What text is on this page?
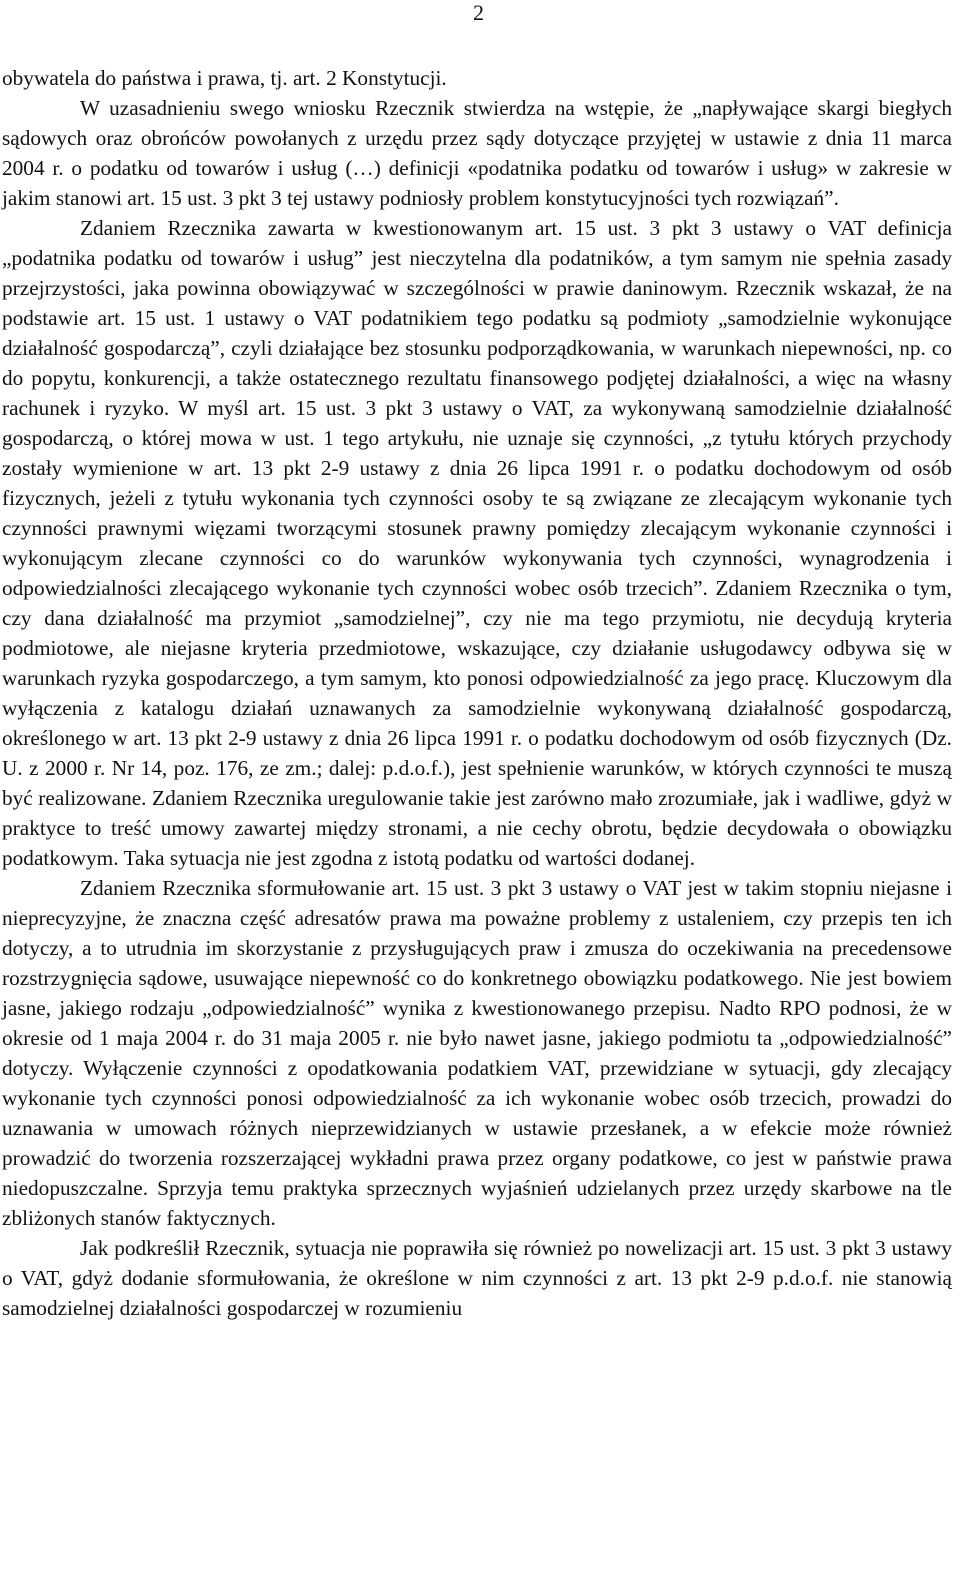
2

obywatela do państwa i prawa, tj. art. 2 Konstytucji.

W uzasadnieniu swego wniosku Rzecznik stwierdza na wstępie, że „napływające skargi biegłych sądowych oraz obrońców powołanych z urzędu przez sądy dotyczące przyjętej w ustawie z dnia 11 marca 2004 r. o podatku od towarów i usług (…) definicji «podatnika podatku od towarów i usług» w zakresie w jakim stanowi art. 15 ust. 3 pkt 3 tej ustawy podniosły problem konstytucyjności tych rozwiązań”.

Zdaniem Rzecznika zawarta w kwestionowanym art. 15 ust. 3 pkt 3 ustawy o VAT definicja „podatnika podatku od towarów i usług” jest nieczytelna dla podatników, a tym samym nie spełnia zasady przejrzystości, jaka powinna obowiązywać w szczególności w prawie daninowym. Rzecznik wskazał, że na podstawie art. 15 ust. 1 ustawy o VAT podatnikiem tego podatku są podmioty „samodzielnie wykonujące działalność gospodarczą”, czyli działające bez stosunku podporządkowania, w warunkach niepewności, np. co do popytu, konkurencji, a także ostatecznego rezultatu finansowego podjętej działalności, a więc na własny rachunek i ryzyko. W myśl art. 15 ust. 3 pkt 3 ustawy o VAT, za wykonywaną samodzielnie działalność gospodarczą, o której mowa w ust. 1 tego artykułu, nie uznaje się czynności, „z tytułu których przychody zostały wymienione w art. 13 pkt 2-9 ustawy z dnia 26 lipca 1991 r. o podatku dochodowym od osób fizycznych, jeżeli z tytułu wykonania tych czynności osoby te są związane ze zlecającym wykonanie tych czynności prawnymi więzami tworzącymi stosunek prawny pomiędzy zlecającym wykonanie czynności i wykonującym zlecane czynności co do warunków wykonywania tych czynności, wynagrodzenia i odpowiedzialności zlecającego wykonanie tych czynności wobec osób trzecich”. Zdaniem Rzecznika o tym, czy dana działalność ma przymiot „samodzielnej”, czy nie ma tego przymiotu, nie decydują kryteria podmiotowe, ale niejasne kryteria przedmiotowe, wskazujące, czy działanie usługodawcy odbywa się w warunkach ryzyka gospodarczego, a tym samym, kto ponosi odpowiedzialność za jego pracę. Kluczowym dla wyłączenia z katalogu działań uznawanych za samodzielnie wykonywaną działalność gospodarczą, określonego w art. 13 pkt 2-9 ustawy z dnia 26 lipca 1991 r. o podatku dochodowym od osób fizycznych (Dz. U. z 2000 r. Nr 14, poz. 176, ze zm.; dalej: p.d.o.f.), jest spełnienie warunków, w których czynności te muszą być realizowane. Zdaniem Rzecznika uregulowanie takie jest zarówno mało zrozumiałe, jak i wadliwe, gdyż w praktyce to treść umowy zawartej między stronami, a nie cechy obrotu, będzie decydowała o obowiązku podatkowym. Taka sytuacja nie jest zgodna z istotą podatku od wartości dodanej.

Zdaniem Rzecznika sformułowanie art. 15 ust. 3 pkt 3 ustawy o VAT jest w takim stopniu niejasne i nieprecyzyjne, że znaczna część adresatów prawa ma poważne problemy z ustaleniem, czy przepis ten ich dotyczy, a to utrudnia im skorzystanie z przysługujących praw i zmusza do oczekiwania na precedensowe rozstrzygnięcia sądowe, usuwające niepewność co do konkretnego obowiązku podatkowego. Nie jest bowiem jasne, jakiego rodzaju „odpowiedzialność” wynika z kwestionowanego przepisu. Nadto RPO podnosi, że w okresie od 1 maja 2004 r. do 31 maja 2005 r. nie było nawet jasne, jakiego podmiotu ta „odpowiedzialność” dotyczy. Wyłączenie czynności z opodatkowania podatkiem VAT, przewidziane w sytuacji, gdy zlecający wykonanie tych czynności ponosi odpowiedzialność za ich wykonanie wobec osób trzecich, prowadzi do uznawania w umowach różnych nieprzewidzianych w ustawie przesłanek, a w efekcie może również prowadzić do tworzenia rozszerzającej wykładni prawa przez organy podatkowe, co jest w państwie prawa niedopuszczalne. Sprzyja temu praktyka sprzecznych wyjaśnień udzielanych przez urzędy skarbowe na tle zbliżonych stanów faktycznych.

Jak podkreślił Rzecznik, sytuacja nie poprawiła się również po nowelizacji art. 15 ust. 3 pkt 3 ustawy o VAT, gdyż dodanie sformułowania, że określone w nim czynności z art. 13 pkt 2-9 p.d.o.f. nie stanowią samodzielnej działalności gospodarczej w rozumieniu
